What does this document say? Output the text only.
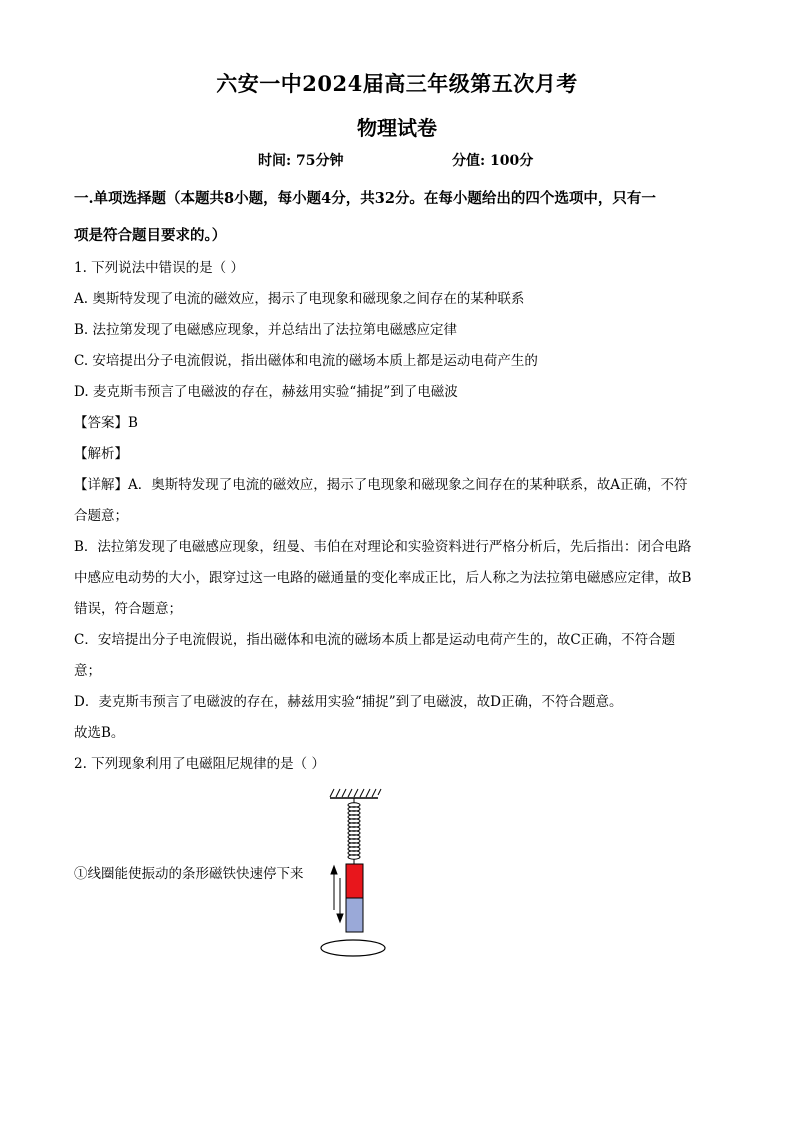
六安一中2024届高三年级第五次月考
物理试卷
时间: 75分钟	分值: 100分
一.单项选择题（本题共8小题，每小题4分，共32分。在每小题给出的四个选项中，只有一
项是符合题目要求的。）
1. 下列说法中错误的是（ ）
A. 奥斯特发现了电流的磁效应，揭示了电现象和磁现象之间存在的某种联系
B. 法拉第发现了电磁感应现象，并总结出了法拉第电磁感应定律
C. 安培提出分子电流假说，指出磁体和电流的磁场本质上都是运动电荷产生的
D. 麦克斯韦预言了电磁波的存在，赫兹用实验“捕捉”到了电磁波
【答案】B
【解析】
【详解】A．奥斯特发现了电流的磁效应，揭示了电现象和磁现象之间存在的某种联系，故A正确，不符
合题意；
B．法拉第发现了电磁感应现象，纽曼、韦伯在对理论和实验资料进行严格分析后，先后指出：闭合电路
中感应电动势的大小，跟穿过这一电路的磁通量的变化率成正比，后人称之为法拉第电磁感应定律，故B
错误，符合题意；
C．安培提出分子电流假说，指出磁体和电流的磁场本质上都是运动电荷产生的，故C正确，不符合题
意；
D．麦克斯韦预言了电磁波的存在，赫兹用实验“捕捉”到了电磁波，故D正确，不符合题意。
故选B。
2. 下列现象利用了电磁阻尼规律的是（ ）
①线圈能使振动的条形磁铁快速停下来
